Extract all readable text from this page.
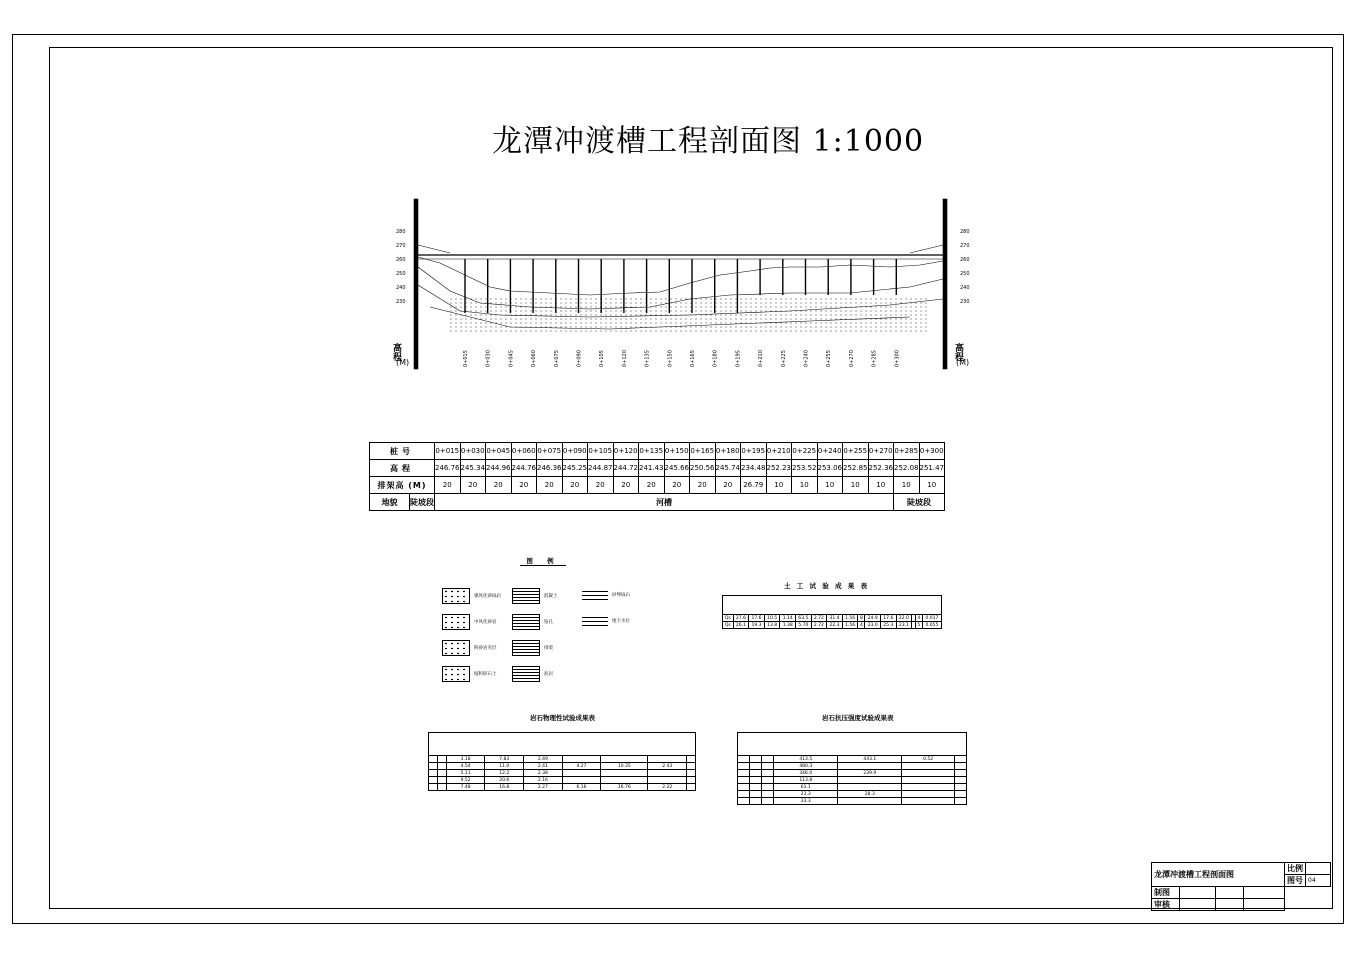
龙潭冲渡槽工程剖面图 1:1000
280
270
260
250
240
230
280
270
260
250
240
230
0+015	0+030	0+045	0+060	0+075	0+090	0+105	0+120	0+135	0+150	0+165	0+180	0+195	0+210	0+225	0+240	0+255	0+270	0+285	0+300
高程
(M)
高程
(M)
桩号		0+015	0+030	0+045	0+060	0+075	0+090	0+105	0+120	0+135	0+150	0+165	0+180	0+195	0+210	0+225	0+240	0+255	0+270	0+285	0+300
高程		246.76	245.34	244.96	244.76	246.36	245.25	244.87	244.72	241.43	245.66	250.56	245.74	234.48	252.23	253.52	253.06	252.85	252.36	252.08	251.47
排架高 (M)		20	20	20	20	20	20	20	20	20	20	20	20	26.79	10	10	10	10	10	10	10
地貌	陡坡段	河槽																		陡坡段	
图 例
强风化砂砾岩
中风化砂岩
粉砂岩夹层
坡积碎石土
混凝土
钻孔
排架
泥岩
砂卵砾石
地下水位
土 工 试 验 成 果 表

Qs	27.6	17.6	10.5	1.14	63.5	2.72	31.4	1.56	8	24.9	17.6	22.0		4	0.017
Qs	26.1	19.3	13.8	1.38	5.70	2.72	22.3	1.56	4	23.0	25.3	23.1		5	0.055
岩石物理性试验成果表

		3.18	7.83	2.49				
		4.54	11.0	2.41	4.27	10.35	2.43	
		5.11	12.2	2.38				
		9.52	20.6	2.16				
		7.48	16.8	2.27	6.16	16.76	2.22	
岩石抗压强度试验成果表

			413.5	443.1	0.52	
			480.3			
			346.0	239.9		
			113.8			
			61.1			
			23.3	28.3		
			33.3			
龙潭冲渡槽工程剖面图				比例	
				图号	04
制图					
审核					
